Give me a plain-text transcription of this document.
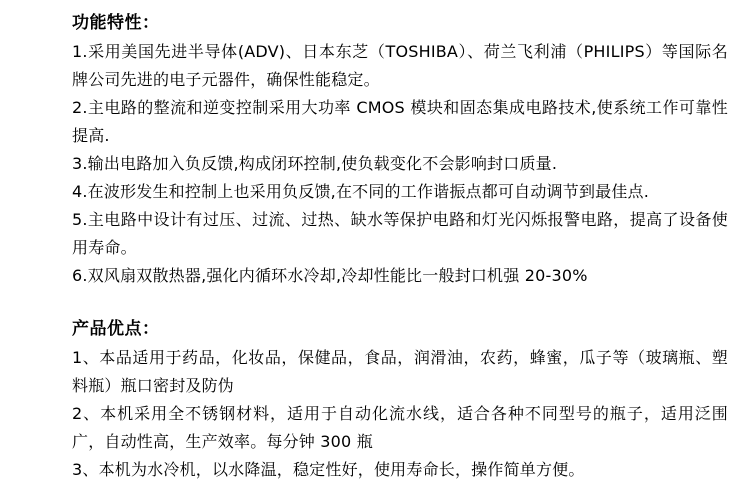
功能特性：

1.采用美国先进半导体(ADV)、日本东芝（TOSHIBA）、荷兰飞利浦（PHILIPS）等国际名牌公司先进的电子元器件，确保性能稳定。

2.主电路的整流和逆变控制采用大功率 CMOS 模块和固态集成电路技术,使系统工作可靠性提高.

3.输出电路加入负反馈,构成闭环控制,使负载变化不会影响封口质量.

4.在波形发生和控制上也采用负反馈,在不同的工作谐振点都可自动调节到最佳点.

5.主电路中设计有过压、过流、过热、缺水等保护电路和灯光闪烁报警电路，提高了设备使用寿命。

6.双风扇双散热器,强化内循环水冷却,冷却性能比一般封口机强 20-30%

产品优点：

1、本品适用于药品，化妆品，保健品，食品，润滑油，农药，蜂蜜，瓜子等（玻璃瓶、塑料瓶）瓶口密封及防伪

2、本机采用全不锈钢材料，适用于自动化流水线，适合各种不同型号的瓶子，适用泛围广，自动性高，生产效率。每分钟 300 瓶

3、本机为水冷机，以水降温，稳定性好，使用寿命长，操作简单方便。
